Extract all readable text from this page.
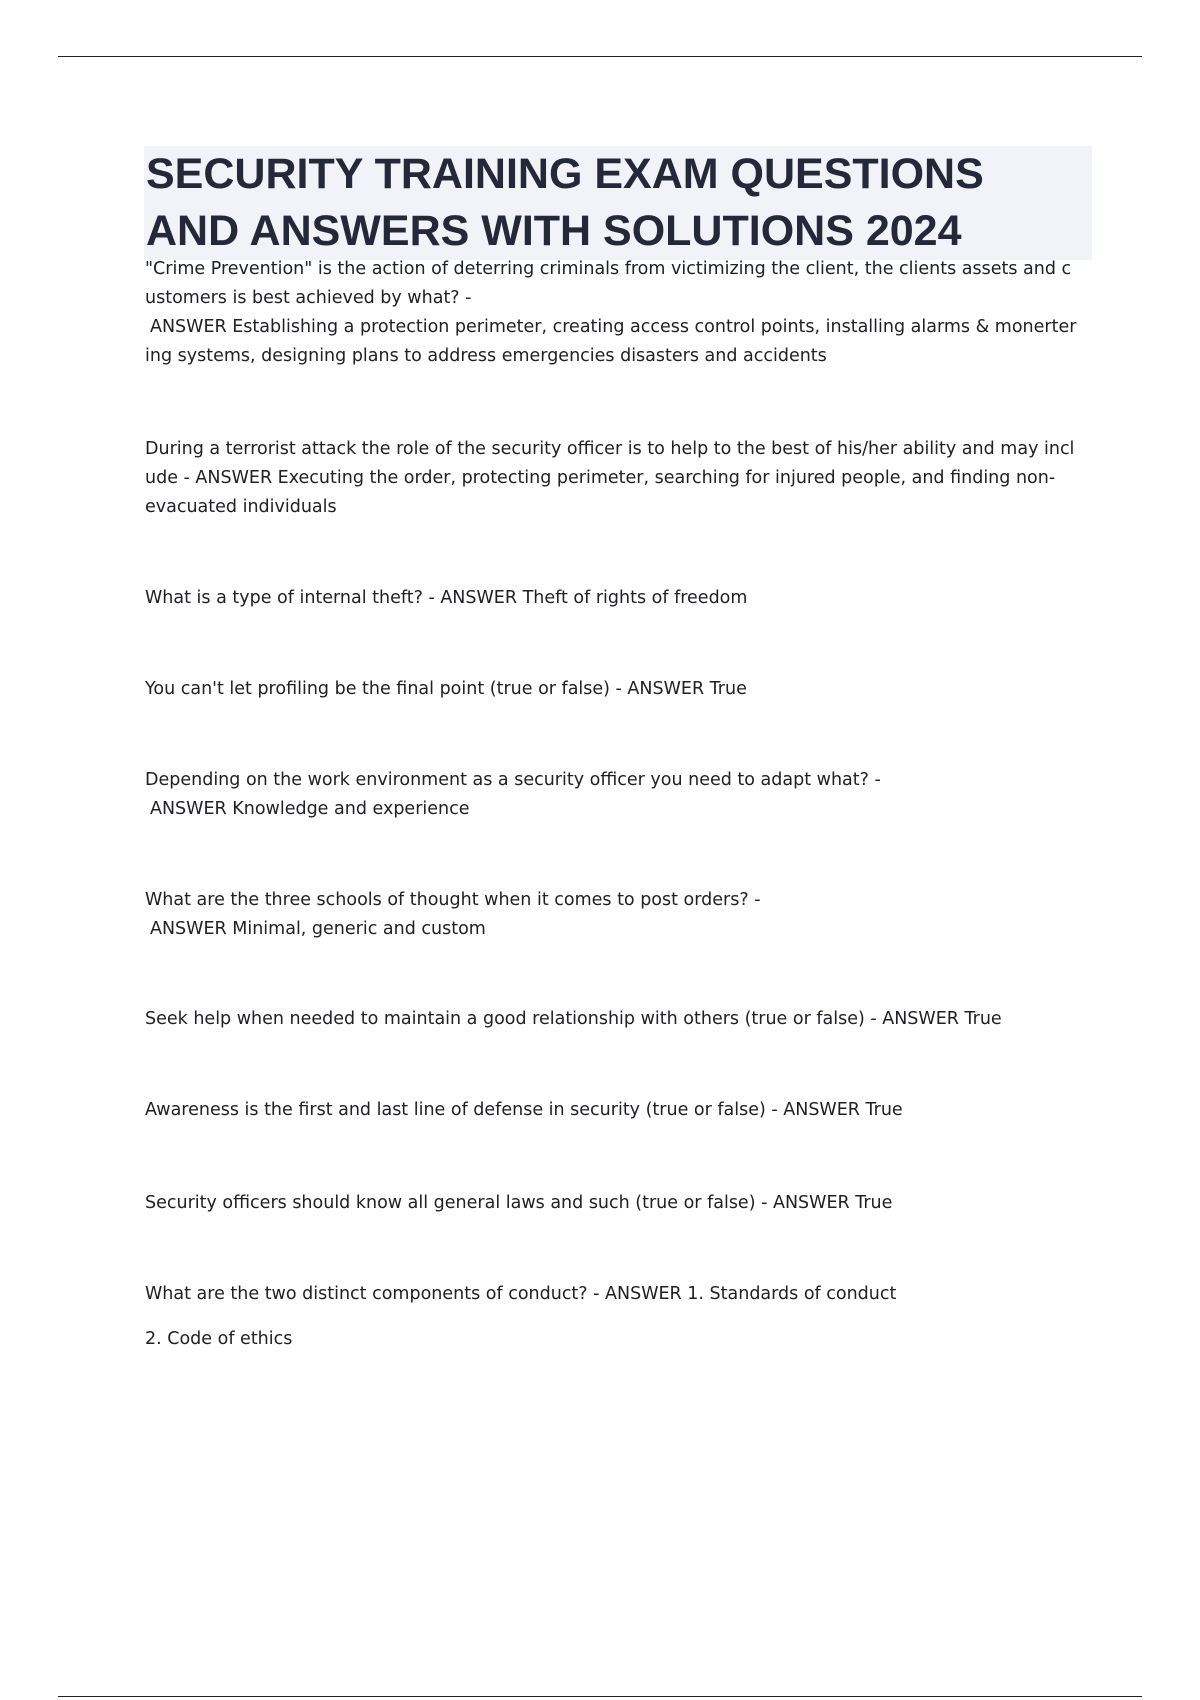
SECURITY TRAINING EXAM QUESTIONS
AND ANSWERS WITH SOLUTIONS 2024
"Crime Prevention" is the action of deterring criminals from victimizing the client, the clients assets and c
ustomers is best achieved by what? -
ANSWER Establishing a protection perimeter, creating access control points, installing alarms & monerter
ing systems, designing plans to address emergencies disasters and accidents
During a terrorist attack the role of the security officer is to help to the best of his/her ability and may incl
ude - ANSWER Executing the order, protecting perimeter, searching for injured people, and finding non-
evacuated individuals
What is a type of internal theft? - ANSWER Theft of rights of freedom
You can't let profiling be the final point (true or false) - ANSWER True
Depending on the work environment as a security officer you need to adapt what? -
ANSWER Knowledge and experience
What are the three schools of thought when it comes to post orders? -
ANSWER Minimal, generic and custom
Seek help when needed to maintain a good relationship with others (true or false) - ANSWER True
Awareness is the first and last line of defense in security (true or false) - ANSWER True
Security officers should know all general laws and such (true or false) - ANSWER True
What are the two distinct components of conduct? - ANSWER 1. Standards of conduct
2. Code of ethics
